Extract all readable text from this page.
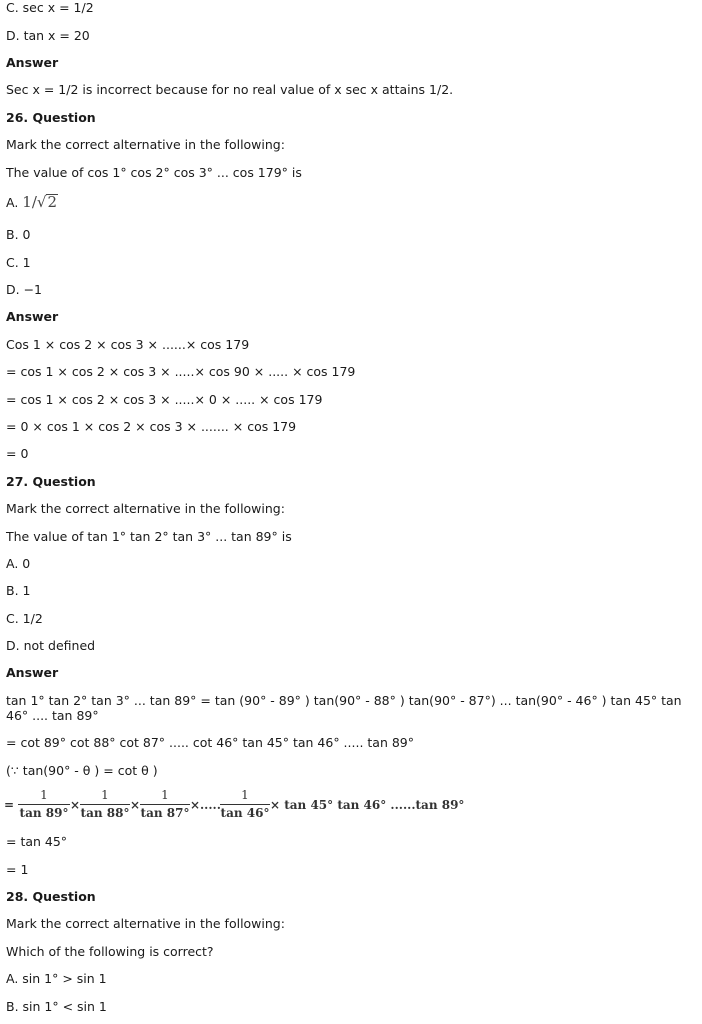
C. sec x = 1/2
D. tan x = 20
Answer
Sec x = 1/2 is incorrect because for no real value of x sec x attains 1/2.
26. Question
Mark the correct alternative in the following:
The value of cos 1° cos 2° cos 3° ... cos 179° is
A. 1/√2
B. 0
C. 1
D. −1
Answer
Cos 1 × cos 2 × cos 3 × ......× cos 179
= cos 1 × cos 2 × cos 3 × .....× cos 90 × ..... × cos 179
= cos 1 × cos 2 × cos 3 × .....× 0 × ..... × cos 179
= 0 × cos 1 × cos 2 × cos 3 × ....... × cos 179
= 0
27. Question
Mark the correct alternative in the following:
The value of tan 1° tan 2° tan 3° ... tan 89° is
A. 0
B. 1
C. 1/2
D. not defined
Answer
tan 1° tan 2° tan 3° ... tan 89° = tan (90° - 89° ) tan(90° - 88° ) tan(90° - 87°) ... tan(90° - 46° ) tan 45° tan 46° .... tan 89°
= cot 89° cot 88° cot 87° ..... cot 46° tan 45° tan 46° ..... tan 89°
(∵ tan(90° - θ ) = cot θ )
=
1
tan 89°
×
1
tan 88°
×
1
tan 87°
× .....
1
tan 46°
× tan 45° tan 46° ......tan 89°
= tan 45°
= 1
28. Question
Mark the correct alternative in the following:
Which of the following is correct?
A. sin 1° > sin 1
B. sin 1° < sin 1
